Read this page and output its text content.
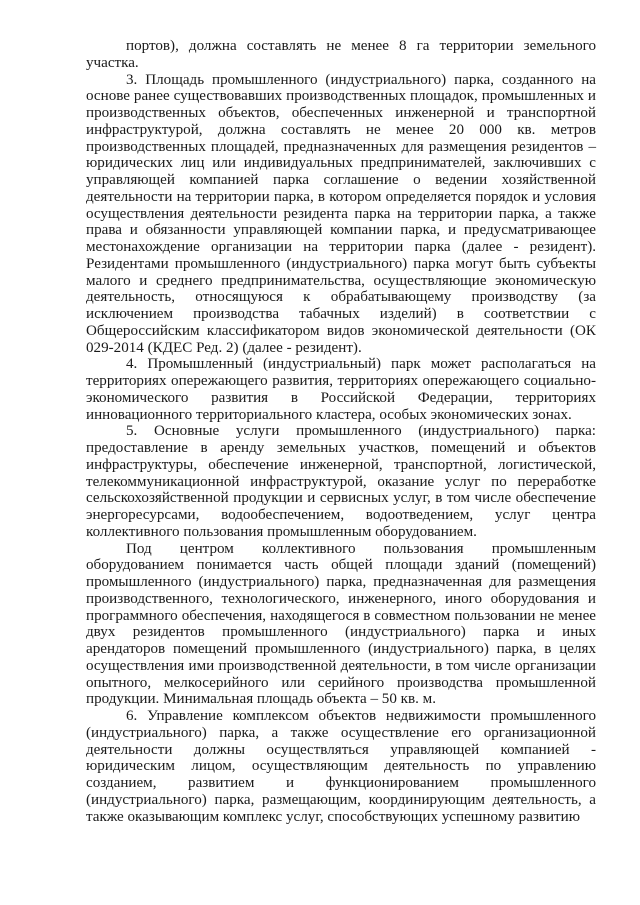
портов), должна составлять не менее 8 га территории земельного участка.

3. Площадь промышленного (индустриального) парка, созданного на основе ранее существовавших производственных площадок, промышленных и производственных объектов, обеспеченных инженерной и транспортной инфраструктурой, должна составлять не менее 20 000 кв. метров производственных площадей, предназначенных для размещения резидентов – юридических лиц или индивидуальных предпринимателей, заключивших с управляющей компанией парка соглашение о ведении хозяйственной деятельности на территории парка, в котором определяется порядок и условия осуществления деятельности резидента парка на территории парка, а также права и обязанности управляющей компании парка, и предусматривающее местонахождение организации на территории парка (далее - резидент). Резидентами промышленного (индустриального) парка могут быть субъекты малого и среднего предпринимательства, осуществляющие экономическую деятельность, относящуюся к обрабатывающему производству (за исключением производства табачных изделий) в соответствии с Общероссийским классификатором видов экономической деятельности (ОК 029-2014 (КДЕС Ред. 2) (далее - резидент).

4. Промышленный (индустриальный) парк может располагаться на территориях опережающего развития, территориях опережающего социально-экономического развития в Российской Федерации, территориях инновационного территориального кластера, особых экономических зонах.

5. Основные услуги промышленного (индустриального) парка: предоставление в аренду земельных участков, помещений и объектов инфраструктуры, обеспечение инженерной, транспортной, логистической, телекоммуникационной инфраструктурой, оказание услуг по переработке сельскохозяйственной продукции и сервисных услуг, в том числе обеспечение энергоресурсами, водообеспечением, водоотведением, услуг центра коллективного пользования промышленным оборудованием.

Под центром коллективного пользования промышленным оборудованием понимается часть общей площади зданий (помещений) промышленного (индустриального) парка, предназначенная для размещения производственного, технологического, инженерного, иного оборудования и программного обеспечения, находящегося в совместном пользовании не менее двух резидентов промышленного (индустриального) парка и иных арендаторов помещений промышленного (индустриального) парка, в целях осуществления ими производственной деятельности, в том числе организации опытного, мелкосерийного или серийного производства промышленной продукции. Минимальная площадь объекта – 50 кв. м.

6. Управление комплексом объектов недвижимости промышленного (индустриального) парка, а также осуществление его организационной деятельности должны осуществляться управляющей компанией - юридическим лицом, осуществляющим деятельность по управлению созданием, развитием и функционированием промышленного (индустриального) парка, размещающим, координирующим деятельность, а также оказывающим комплекс услуг, способствующих успешному развитию
